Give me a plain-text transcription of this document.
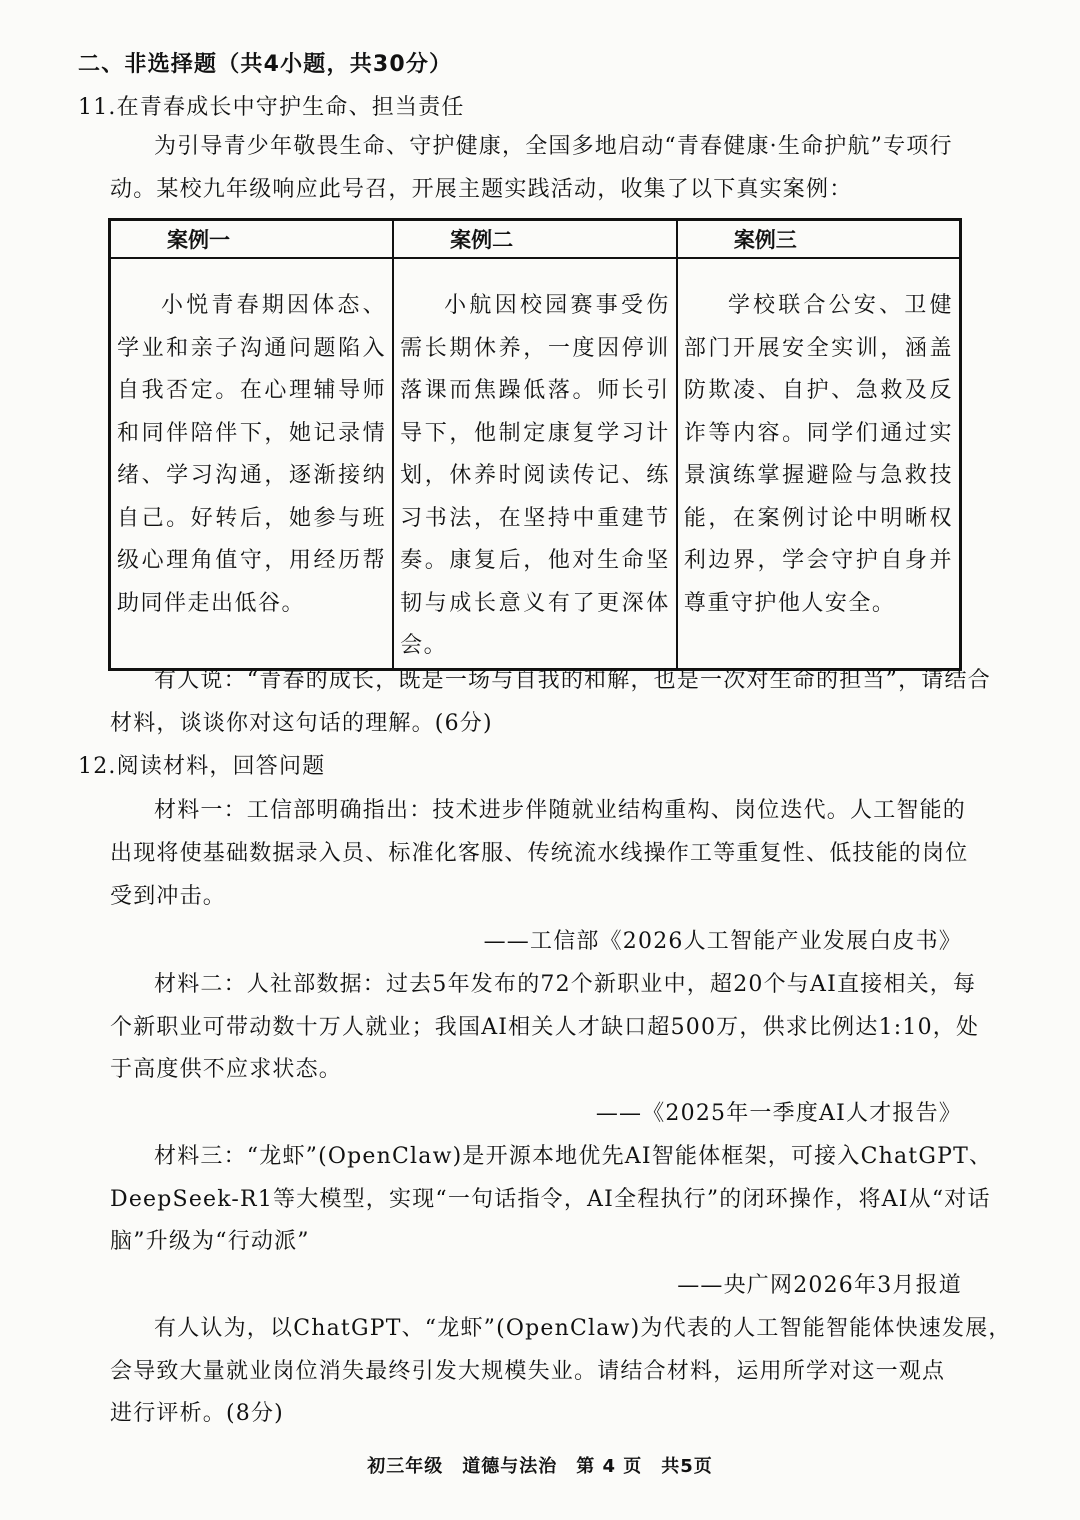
二、非选择题（共4小题，共30分）
11.在青春成长中守护生命、担当责任
为引导青少年敬畏生命、守护健康，全国多地启动“青春健康·生命护航”专项行
动。某校九年级响应此号召，开展主题实践活动，收集了以下真实案例：
案例一	案例二	案例三
小悦青春期因体态、学业和亲子沟通问题陷入自我否定。在心理辅导师和同伴陪伴下，她记录情绪、学习沟通，逐渐接纳自己。好转后，她参与班级心理角值守，用经历帮助同伴走出低谷。	小航因校园赛事受伤需长期休养，一度因停训落课而焦躁低落。师长引导下，他制定康复学习计划，休养时阅读传记、练习书法，在坚持中重建节奏。康复后，他对生命坚韧与成长意义有了更深体会。	学校联合公安、卫健部门开展安全实训，涵盖防欺凌、自护、急救及反诈等内容。同学们通过实景演练掌握避险与急救技能，在案例讨论中明晰权利边界，学会守护自身并尊重守护他人安全。
有人说：“青春的成长，既是一场与自我的和解，也是一次对生命的担当”，请结合
材料，谈谈你对这句话的理解。(6分)
12.阅读材料，回答问题
材料一：工信部明确指出：技术进步伴随就业结构重构、岗位迭代。人工智能的
出现将使基础数据录入员、标准化客服、传统流水线操作工等重复性、低技能的岗位
受到冲击。
——工信部《2026人工智能产业发展白皮书》
材料二：人社部数据：过去5年发布的72个新职业中，超20个与AI直接相关，每
个新职业可带动数十万人就业；我国AI相关人才缺口超500万，供求比例达1:10，处
于高度供不应求状态。
——《2025年一季度AI人才报告》
材料三：“龙虾”(OpenClaw)是开源本地优先AI智能体框架，可接入ChatGPT、
DeepSeek-R1等大模型，实现“一句话指令，AI全程执行”的闭环操作，将AI从“对话
脑”升级为“行动派”
——央广网2026年3月报道
有人认为，以ChatGPT、“龙虾”(OpenClaw)为代表的人工智能智能体快速发展，
会导致大量就业岗位消失最终引发大规模失业。请结合材料，运用所学对这一观点
进行评析。(8分)
初三年级　道德与法治　第 4 页　共5页
